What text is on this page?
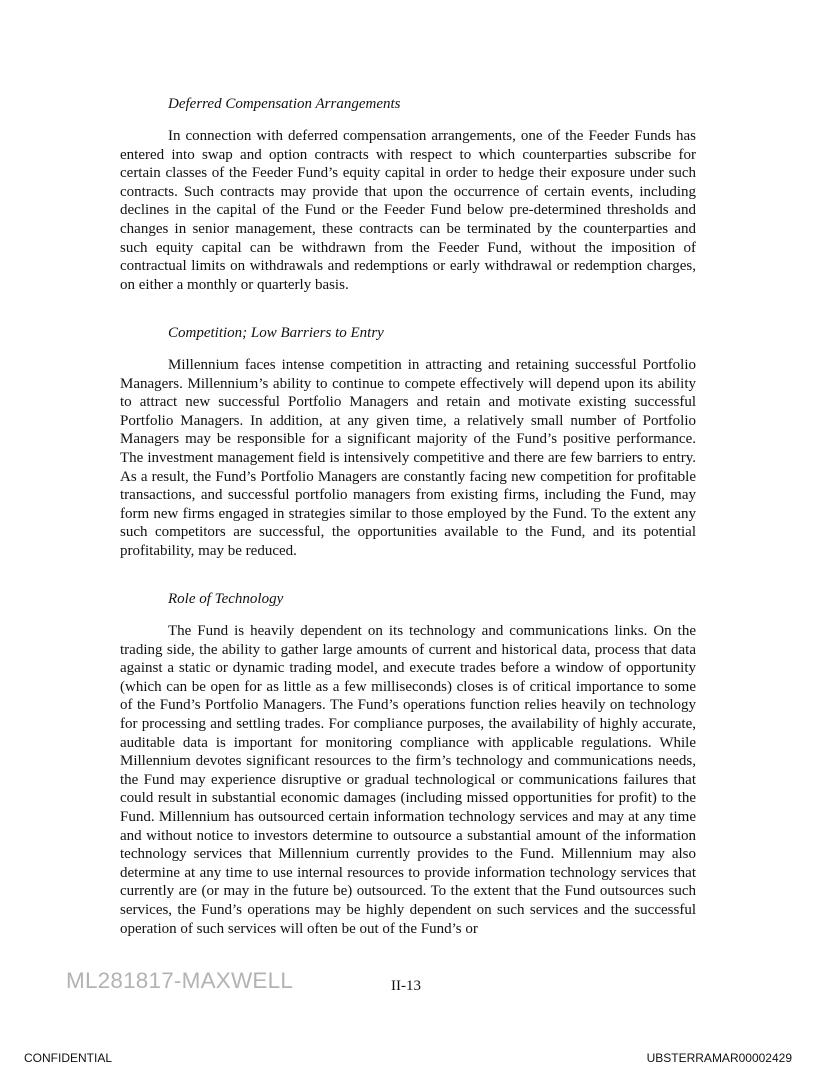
Deferred Compensation Arrangements

In connection with deferred compensation arrangements, one of the Feeder Funds has entered into swap and option contracts with respect to which counterparties subscribe for certain classes of the Feeder Fund’s equity capital in order to hedge their exposure under such contracts. Such contracts may provide that upon the occurrence of certain events, including declines in the capital of the Fund or the Feeder Fund below pre-determined thresholds and changes in senior management, these contracts can be terminated by the counterparties and such equity capital can be withdrawn from the Feeder Fund, without the imposition of contractual limits on withdrawals and redemptions or early withdrawal or redemption charges, on either a monthly or quarterly basis.

Competition; Low Barriers to Entry

Millennium faces intense competition in attracting and retaining successful Portfolio Managers. Millennium’s ability to continue to compete effectively will depend upon its ability to attract new successful Portfolio Managers and retain and motivate existing successful Portfolio Managers. In addition, at any given time, a relatively small number of Portfolio Managers may be responsible for a significant majority of the Fund’s positive performance. The investment management field is intensively competitive and there are few barriers to entry. As a result, the Fund’s Portfolio Managers are constantly facing new competition for profitable transactions, and successful portfolio managers from existing firms, including the Fund, may form new firms engaged in strategies similar to those employed by the Fund. To the extent any such competitors are successful, the opportunities available to the Fund, and its potential profitability, may be reduced.

Role of Technology

The Fund is heavily dependent on its technology and communications links. On the trading side, the ability to gather large amounts of current and historical data, process that data against a static or dynamic trading model, and execute trades before a window of opportunity (which can be open for as little as a few milliseconds) closes is of critical importance to some of the Fund’s Portfolio Managers. The Fund’s operations function relies heavily on technology for processing and settling trades. For compliance purposes, the availability of highly accurate, auditable data is important for monitoring compliance with applicable regulations. While Millennium devotes significant resources to the firm’s technology and communications needs, the Fund may experience disruptive or gradual technological or communications failures that could result in substantial economic damages (including missed opportunities for profit) to the Fund. Millennium has outsourced certain information technology services and may at any time and without notice to investors determine to outsource a substantial amount of the information technology services that Millennium currently provides to the Fund. Millennium may also determine at any time to use internal resources to provide information technology services that currently are (or may in the future be) outsourced. To the extent that the Fund outsources such services, the Fund’s operations may be highly dependent on such services and the successful operation of such services will often be out of the Fund’s or

ML281817-MAXWELL	II-13
CONFIDENTIAL	UBSTERRAMAR00002429
